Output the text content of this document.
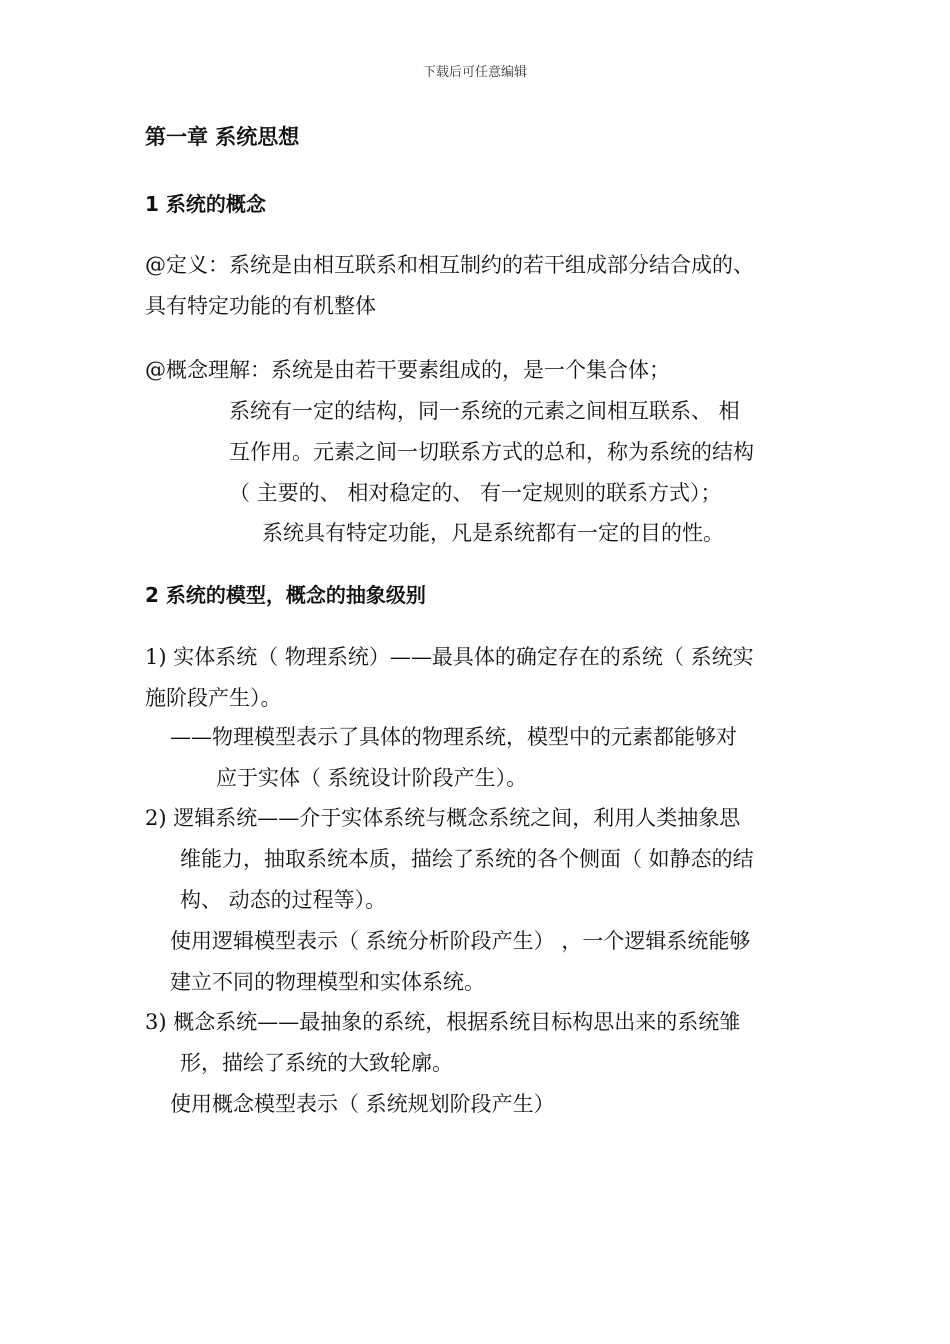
下载后可任意编辑
第一章 系统思想
1 系统的概念
@定义：系统是由相互联系和相互制约的若干组成部分结合成的、
具有特定功能的有机整体
@概念理解：系统是由若干要素组成的，是一个集合体；
系统有一定的结构，同一系统的元素之间相互联系、 相
互作用。元素之间一切联系方式的总和，称为系统的结构
（ 主要的、 相对稳定的、 有一定规则的联系方式）；
系统具有特定功能，凡是系统都有一定的目的性。
2 系统的模型，概念的抽象级别
1) 实体系统（ 物理系统）——最具体的确定存在的系统（ 系统实
施阶段产生）。
——物理模型表示了具体的物理系统，模型中的元素都能够对
应于实体（ 系统设计阶段产生）。
2) 逻辑系统——介于实体系统与概念系统之间，利用人类抽象思
维能力，抽取系统本质，描绘了系统的各个侧面（ 如静态的结
构、 动态的过程等）。
使用逻辑模型表示（ 系统分析阶段产生） ，一个逻辑系统能够
建立不同的物理模型和实体系统。
3) 概念系统——最抽象的系统，根据系统目标构思出来的系统雏
形，描绘了系统的大致轮廓。
使用概念模型表示（ 系统规划阶段产生）
